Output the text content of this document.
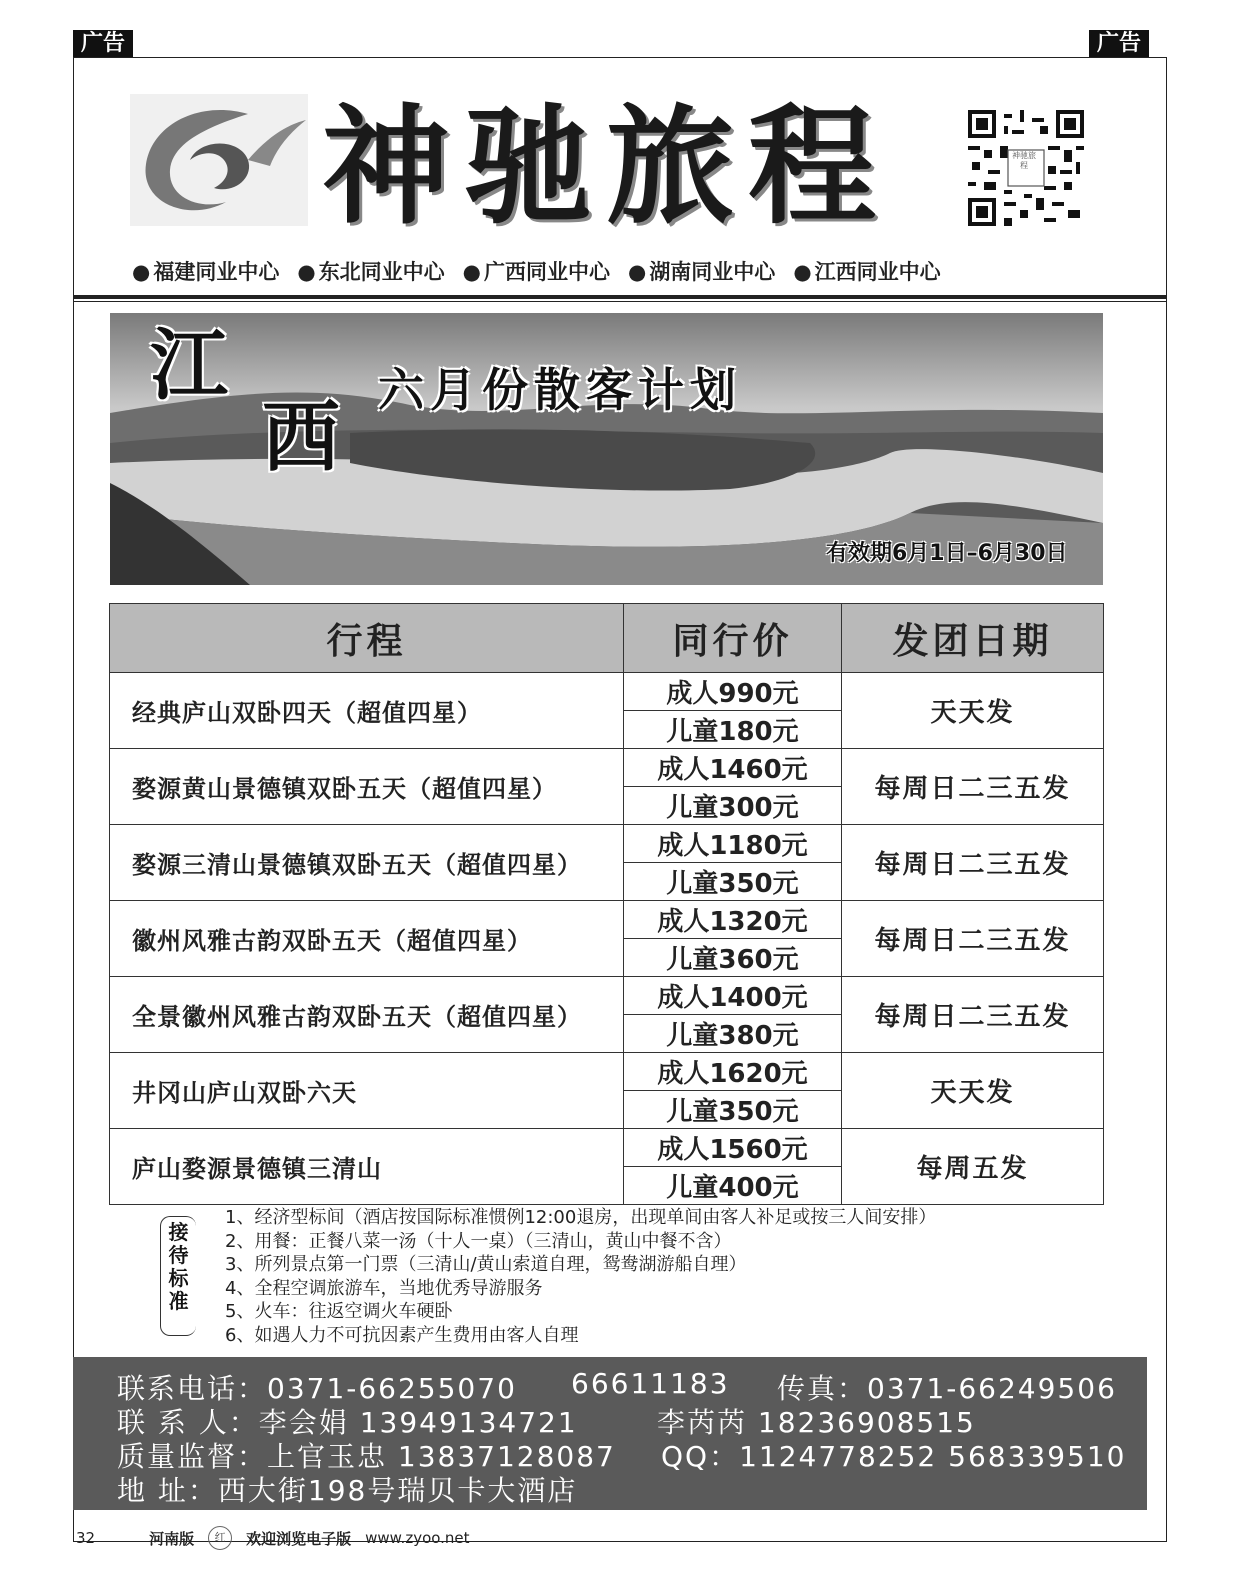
广告	广告
神驰旅程	神驰旅程
● 福建同业中心	● 东北同业中心	● 广西同业中心	● 湖南同业中心	● 江西同业中心
江
西
六月份散客计划
有效期6月1日–6月30日
行程	同行价	发团日期
经典庐山双卧四天（超值四星）	成人990元	天天发
	儿童180元	
婺源黄山景德镇双卧五天（超值四星）	成人1460元	每周日二三五发
	儿童300元	
婺源三清山景德镇双卧五天（超值四星）	成人1180元	每周日二三五发
	儿童350元	
徽州风雅古韵双卧五天（超值四星）	成人1320元	每周日二三五发
	儿童360元	
全景徽州风雅古韵双卧五天（超值四星）	成人1400元	每周日二三五发
	儿童380元	
井冈山庐山双卧六天	成人1620元	天天发
	儿童350元	
庐山婺源景德镇三清山	成人1560元	每周五发
	儿童400元	
接待标准
1、经济型标间（酒店按国际标准惯例12:00退房，出现单间由客人补足或按三人间安排）
2、用餐：正餐八菜一汤（十人一桌）（三清山，黄山中餐不含）
3、所列景点第一门票（三清山/黄山索道自理，鸳鸯湖游船自理）
4、全程空调旅游车，当地优秀导游服务
5、火车：往返空调火车硬卧
6、如遇人力不可抗因素产生费用由客人自理
联系电话：0371-66255070 66611183 传真：0371-66249506
联 系 人：李会娟 13949134721	李芮芮 18236908515
质量监督：上官玉忠 13837128087 QQ：1124778252 568339510
地 址：西大街198号瑞贝卡大酒店
32	河南版	红	欢迎浏览电子版 www.zyoo.net
